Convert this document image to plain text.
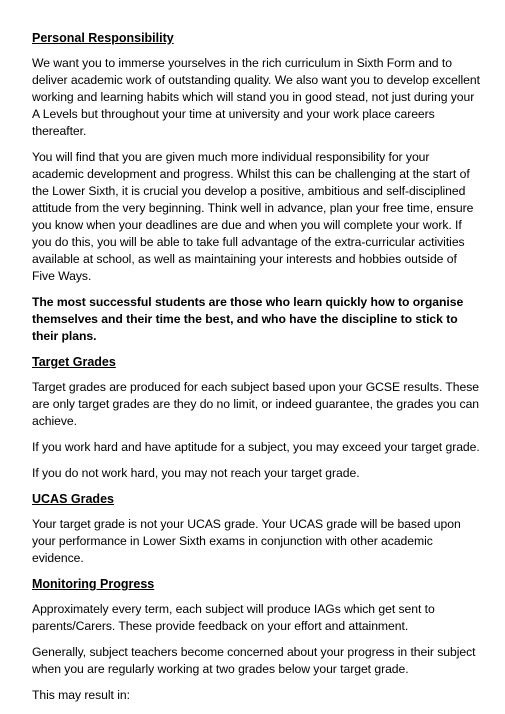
Personal Responsibility

We want you to immerse yourselves in the rich curriculum in Sixth Form and to deliver academic work of outstanding quality. We also want you to develop excellent working and learning habits which will stand you in good stead, not just during your A Levels but throughout your time at university and your work place careers thereafter.

You will find that you are given much more individual responsibility for your academic development and progress. Whilst this can be challenging at the start of the Lower Sixth, it is crucial you develop a positive, ambitious and self-disciplined attitude from the very beginning. Think well in advance, plan your free time, ensure you know when your deadlines are due and when you will complete your work. If you do this, you will be able to take full advantage of the extra-curricular activities available at school, as well as maintaining your interests and hobbies outside of Five Ways.

The most successful students are those who learn quickly how to organise themselves and their time the best, and who have the discipline to stick to their plans.

Target Grades

Target grades are produced for each subject based upon your GCSE results. These are only target grades are they do no limit, or indeed guarantee, the grades you can achieve.

If you work hard and have aptitude for a subject, you may exceed your target grade.

If you do not work hard, you may not reach your target grade.

UCAS Grades

Your target grade is not your UCAS grade. Your UCAS grade will be based upon your performance in Lower Sixth exams in conjunction with other academic evidence.

Monitoring Progress

Approximately every term, each subject will produce IAGs which get sent to parents/Carers. These provide feedback on your effort and attainment.

Generally, subject teachers become concerned about your progress in their subject when you are regularly working at two grades below your target grade.

This may result in:
